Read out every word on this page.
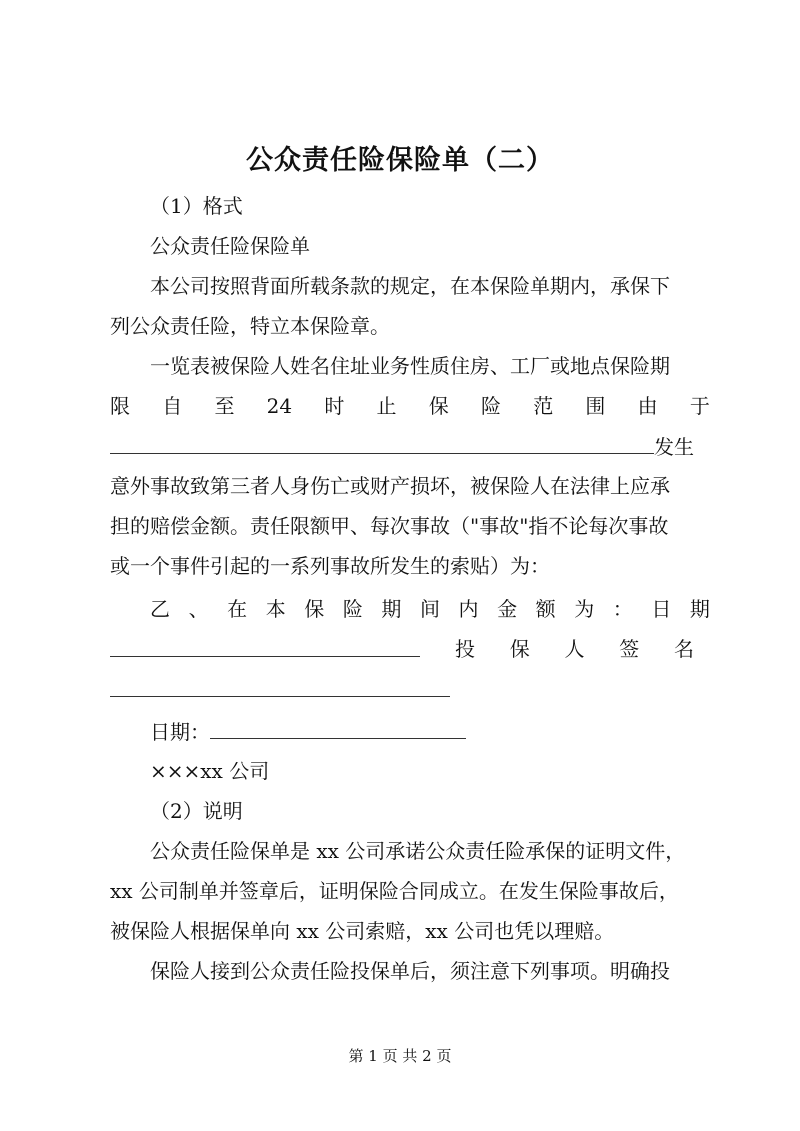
公众责任险保险单（二）
（1）格式
公众责任险保险单
本公司按照背面所载条款的规定，在本保险单期内，承保下
列公众责任险，特立本保险章。
一览表被保险人姓名住址业务性质住房、工厂或地点保险期
限 自 至 24 时 止 保 险 范 围 由 于
发生
意外事故致第三者人身伤亡或财产损坏，被保险人在法律上应承
担的赔偿金额。责任限额甲、每次事故（"事故"指不论每次事故
或一个事件引起的一系列事故所发生的索贴）为：
乙 、 在 本 保 险 期 间 内 金 额 为 ： 日 期
投 保 人 签 名
日期：
×××xx 公司
（2）说明
公众责任险保单是 xx 公司承诺公众责任险承保的证明文件，
xx 公司制单并签章后，证明保险合同成立。在发生保险事故后，
被保险人根据保单向 xx 公司索赔，xx 公司也凭以理赔。
保险人接到公众责任险投保单后，须注意下列事项。明确投
第 1 页 共 2 页
